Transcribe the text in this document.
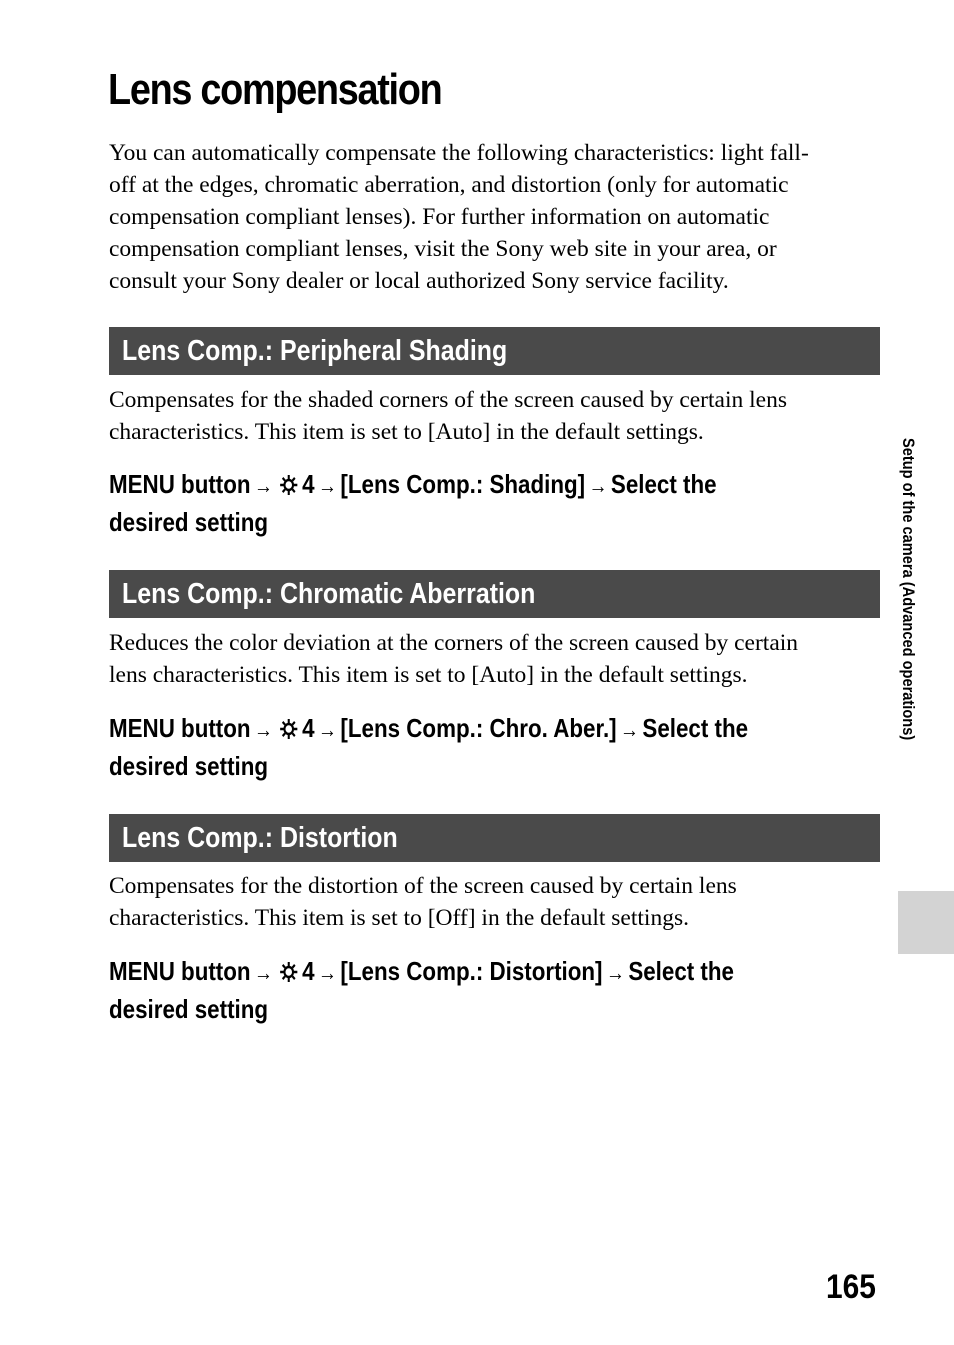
Lens compensation

You can automatically compensate the following characteristics: light fall-

off at the edges, chromatic aberration, and distortion (only for automatic

compensation compliant lenses). For further information on automatic

compensation compliant lenses, visit the Sony web site in your area, or

consult your Sony dealer or local authorized Sony service facility.

Lens Comp.: Peripheral Shading

Compensates for the shaded corners of the screen caused by certain lens

characteristics. This item is set to [Auto] in the default settings.

MENU button → 4 → [Lens Comp.: Shading] → Select the
desired setting
Lens Comp.: Chromatic Aberration

Reduces the color deviation at the corners of the screen caused by certain

lens characteristics. This item is set to [Auto] in the default settings.

MENU button → 4 → [Lens Comp.: Chro. Aber.] → Select the
desired setting
Lens Comp.: Distortion

Compensates for the distortion of the screen caused by certain lens

characteristics. This item is set to [Off] in the default settings.

MENU button → 4 → [Lens Comp.: Distortion] → Select the
desired setting
Setup of the camera (Advanced operations)
165
